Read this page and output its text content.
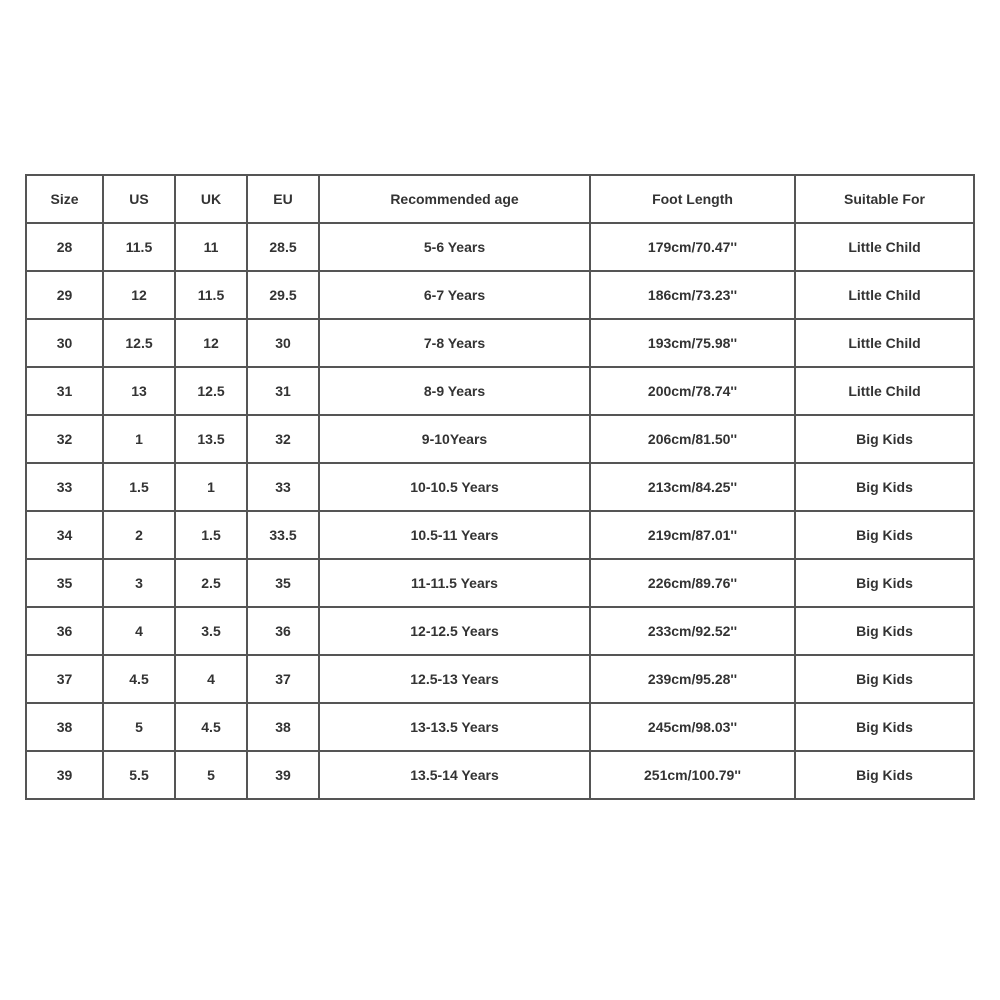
Size	US	UK	EU	Recommended age	Foot Length	Suitable For
28	11.5	11	28.5	5-6 Years	179cm/70.47''	Little Child
29	12	11.5	29.5	6-7 Years	186cm/73.23''	Little Child
30	12.5	12	30	7-8 Years	193cm/75.98''	Little Child
31	13	12.5	31	8-9 Years	200cm/78.74''	Little Child
32	1	13.5	32	9-10Years	206cm/81.50''	Big Kids
33	1.5	1	33	10-10.5 Years	213cm/84.25''	Big Kids
34	2	1.5	33.5	10.5-11 Years	219cm/87.01''	Big Kids
35	3	2.5	35	11-11.5 Years	226cm/89.76''	Big Kids
36	4	3.5	36	12-12.5 Years	233cm/92.52''	Big Kids
37	4.5	4	37	12.5-13 Years	239cm/95.28''	Big Kids
38	5	4.5	38	13-13.5 Years	245cm/98.03''	Big Kids
39	5.5	5	39	13.5-14 Years	251cm/100.79''	Big Kids
